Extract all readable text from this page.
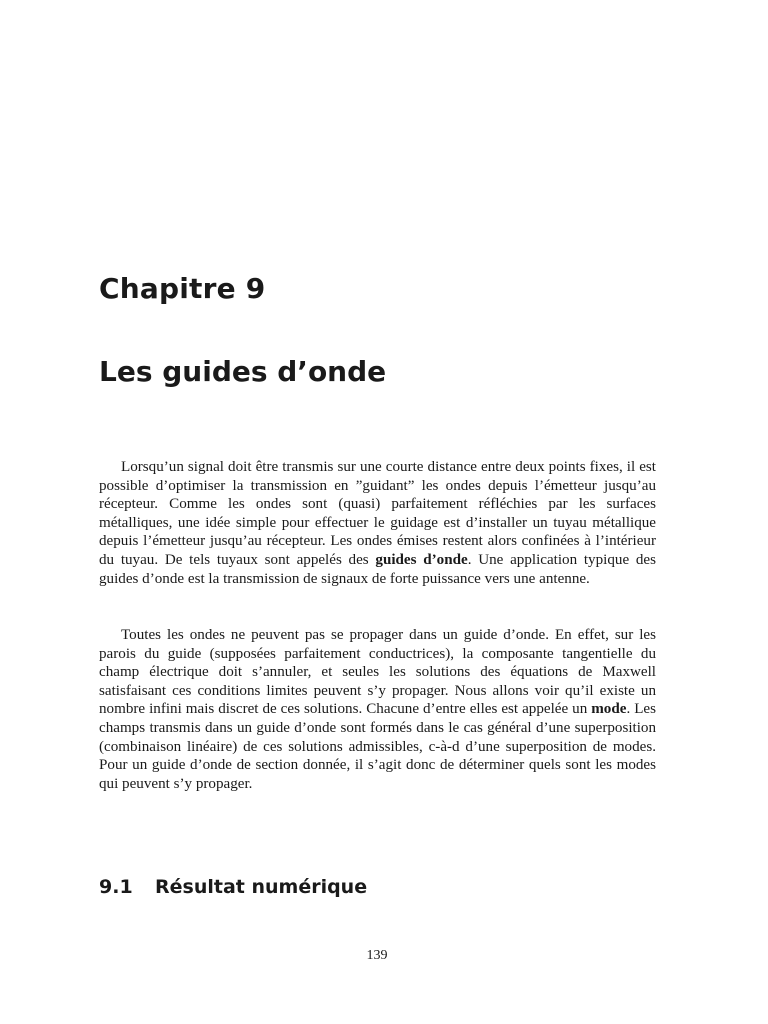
Chapitre 9
Les guides d’onde

Lorsqu’un signal doit être transmis sur une courte distance entre deux points fixes, il est possible d’optimiser la transmission en ”guidant” les ondes depuis l’émetteur jusqu’au récepteur. Comme les ondes sont (quasi) parfaitement réfléchies par les surfaces métalliques, une idée simple pour effectuer le guidage est d’installer un tuyau métallique depuis l’émetteur jusqu’au récepteur. Les ondes émises restent alors confinées à l’intérieur du tuyau. De tels tuyaux sont appelés des guides d’onde. Une application typique des guides d’onde est la transmission de signaux de forte puissance vers une antenne.

Toutes les ondes ne peuvent pas se propager dans un guide d’onde. En effet, sur les parois du guide (supposées parfaitement conductrices), la composante tangentielle du champ électrique doit s’annuler, et seules les solutions des équations de Maxwell satisfaisant ces conditions limites peuvent s’y propager. Nous allons voir qu’il existe un nombre infini mais discret de ces solutions. Chacune d’entre elles est appelée un mode. Les champs transmis dans un guide d’onde sont formés dans le cas général d’une superposition (combinaison linéaire) de ces solutions admissibles, c-à-d d’une superposition de modes. Pour un guide d’onde de section donnée, il s’agit donc de déterminer quels sont les modes qui peuvent s’y propager.

9.1 Résultat numérique

139
